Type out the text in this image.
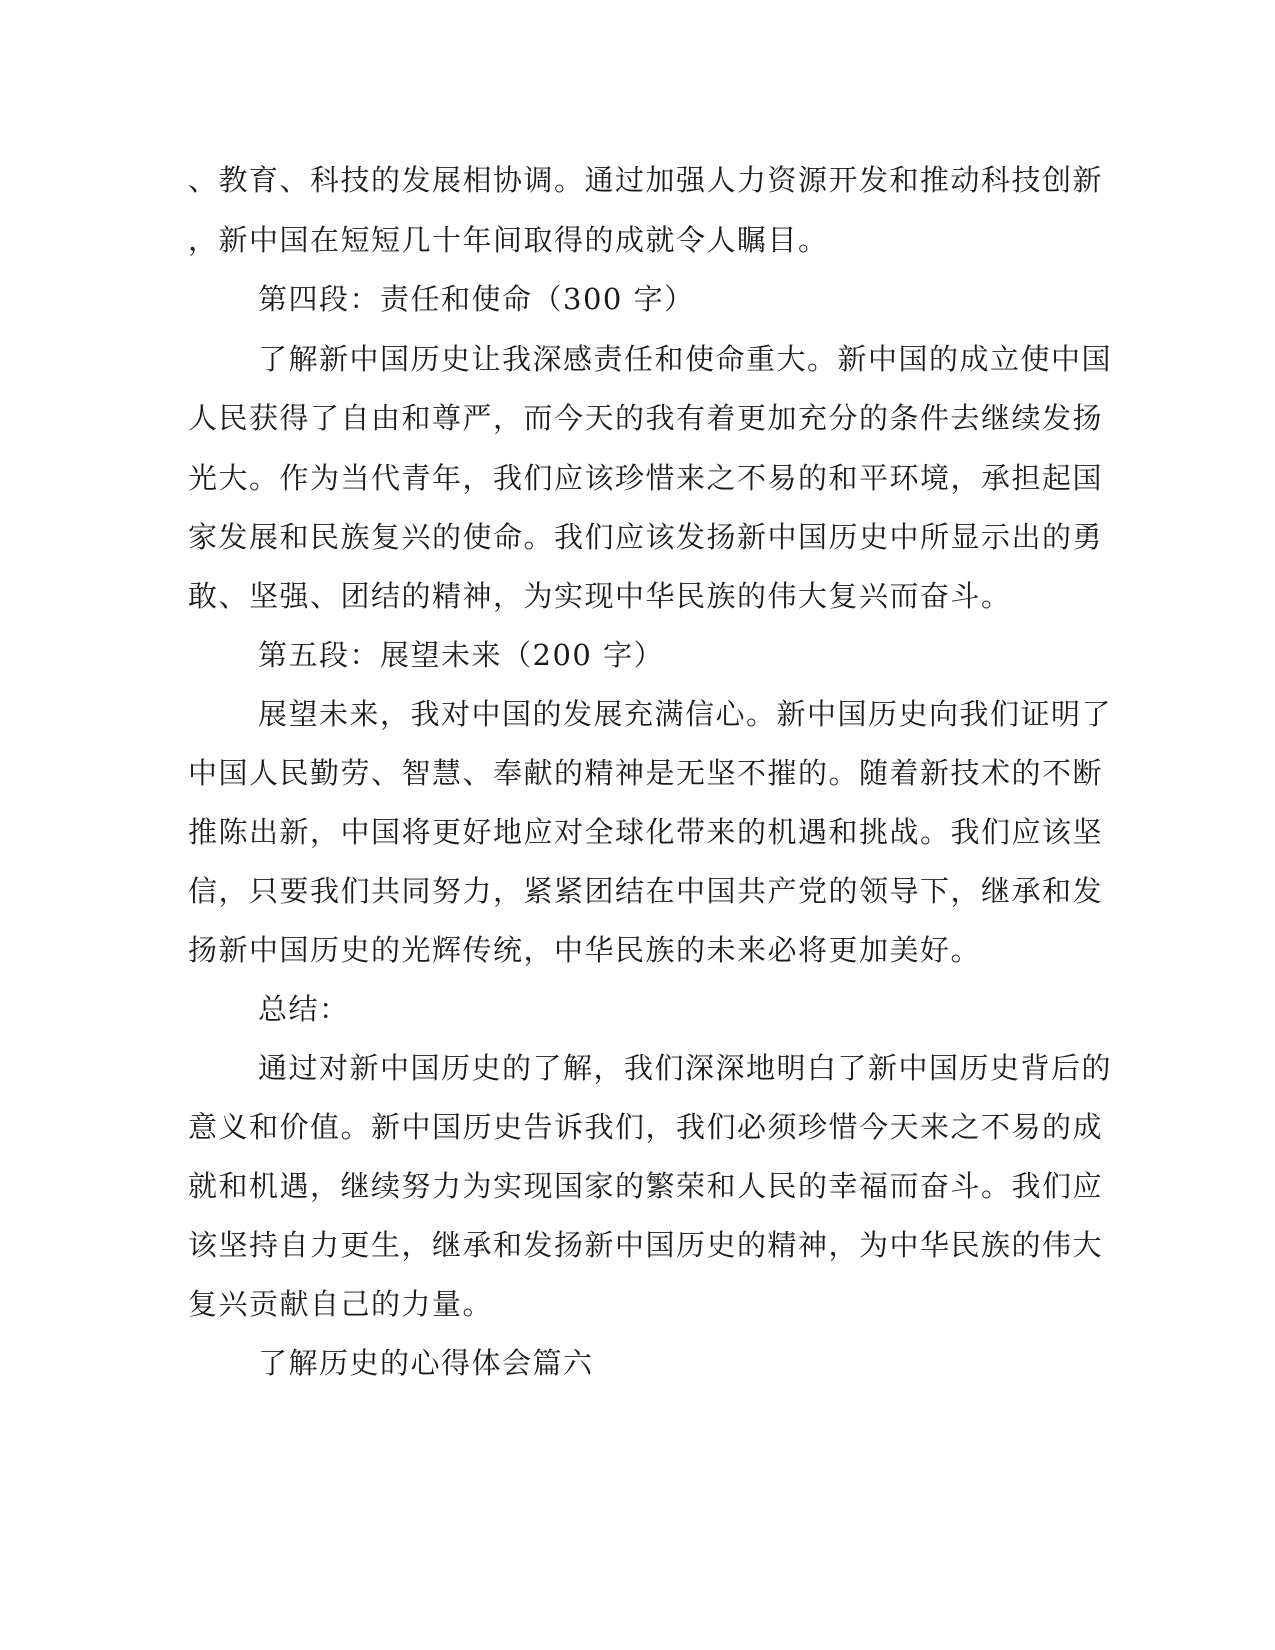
、教育、科技的发展相协调。通过加强人力资源开发和推动科技创新
，新中国在短短几十年间取得的成就令人瞩目。
第四段：责任和使命（300 字）
了解新中国历史让我深感责任和使命重大。新中国的成立使中国
人民获得了自由和尊严，而今天的我有着更加充分的条件去继续发扬
光大。作为当代青年，我们应该珍惜来之不易的和平环境，承担起国
家发展和民族复兴的使命。我们应该发扬新中国历史中所显示出的勇
敢、坚强、团结的精神，为实现中华民族的伟大复兴而奋斗。
第五段：展望未来（200 字）
展望未来，我对中国的发展充满信心。新中国历史向我们证明了
中国人民勤劳、智慧、奉献的精神是无坚不摧的。随着新技术的不断
推陈出新，中国将更好地应对全球化带来的机遇和挑战。我们应该坚
信，只要我们共同努力，紧紧团结在中国共产党的领导下，继承和发
扬新中国历史的光辉传统，中华民族的未来必将更加美好。
总结：
通过对新中国历史的了解，我们深深地明白了新中国历史背后的
意义和价值。新中国历史告诉我们，我们必须珍惜今天来之不易的成
就和机遇，继续努力为实现国家的繁荣和人民的幸福而奋斗。我们应
该坚持自力更生，继承和发扬新中国历史的精神，为中华民族的伟大
复兴贡献自己的力量。
了解历史的心得体会篇六
